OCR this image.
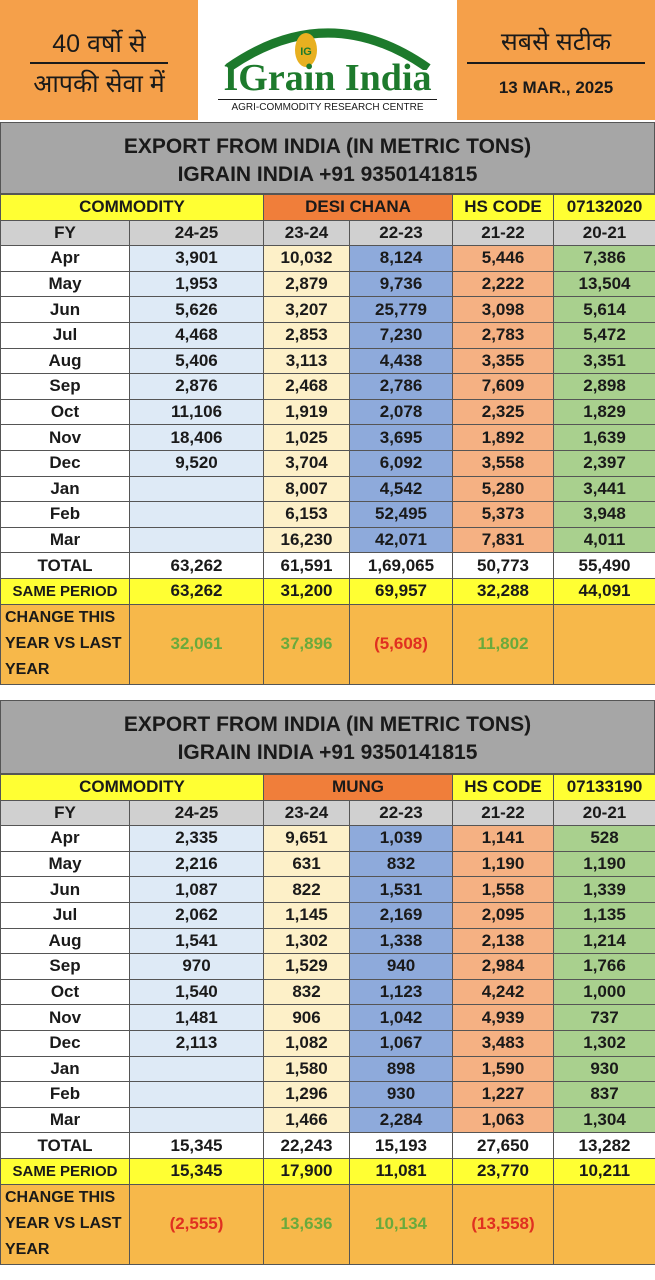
40 वर्षो से
आपकी सेवा में
IG
IGrain India
AGRI-COMMODITY RESEARCH CENTRE
सबसे सटीक
13 MAR., 2025
EXPORT FROM INDIA (IN METRIC TONS)
IGRAIN INDIA +91 9350141815
COMMODITY		DESI CHANA		HS CODE	07132020
FY	24-25	23-24	22-23	21-22	20-21
Apr	3,901	10,032	8,124	5,446	7,386
May	1,953	2,879	9,736	2,222	13,504
Jun	5,626	3,207	25,779	3,098	5,614
Jul	4,468	2,853	7,230	2,783	5,472
Aug	5,406	3,113	4,438	3,355	3,351
Sep	2,876	2,468	2,786	7,609	2,898
Oct	11,106	1,919	2,078	2,325	1,829
Nov	18,406	1,025	3,695	1,892	1,639
Dec	9,520	3,704	6,092	3,558	2,397
Jan		8,007	4,542	5,280	3,441
Feb		6,153	52,495	5,373	3,948
Mar		16,230	42,071	7,831	4,011
TOTAL	63,262	61,591	1,69,065	50,773	55,490
SAME PERIOD	63,262	31,200	69,957	32,288	44,091

CHANGE THIS
YEAR VS LAST
YEAR	32,061	37,896	(5,608)	11,802	
EXPORT FROM INDIA (IN METRIC TONS)
IGRAIN INDIA +91 9350141815
COMMODITY		MUNG		HS CODE	07133190
FY	24-25	23-24	22-23	21-22	20-21
Apr	2,335	9,651	1,039	1,141	528
May	2,216	631	832	1,190	1,190
Jun	1,087	822	1,531	1,558	1,339
Jul	2,062	1,145	2,169	2,095	1,135
Aug	1,541	1,302	1,338	2,138	1,214
Sep	970	1,529	940	2,984	1,766
Oct	1,540	832	1,123	4,242	1,000
Nov	1,481	906	1,042	4,939	737
Dec	2,113	1,082	1,067	3,483	1,302
Jan		1,580	898	1,590	930
Feb		1,296	930	1,227	837
Mar		1,466	2,284	1,063	1,304
TOTAL	15,345	22,243	15,193	27,650	13,282
SAME PERIOD	15,345	17,900	11,081	23,770	10,211

CHANGE THIS
YEAR VS LAST
YEAR	(2,555)	13,636	10,134	(13,558)	
